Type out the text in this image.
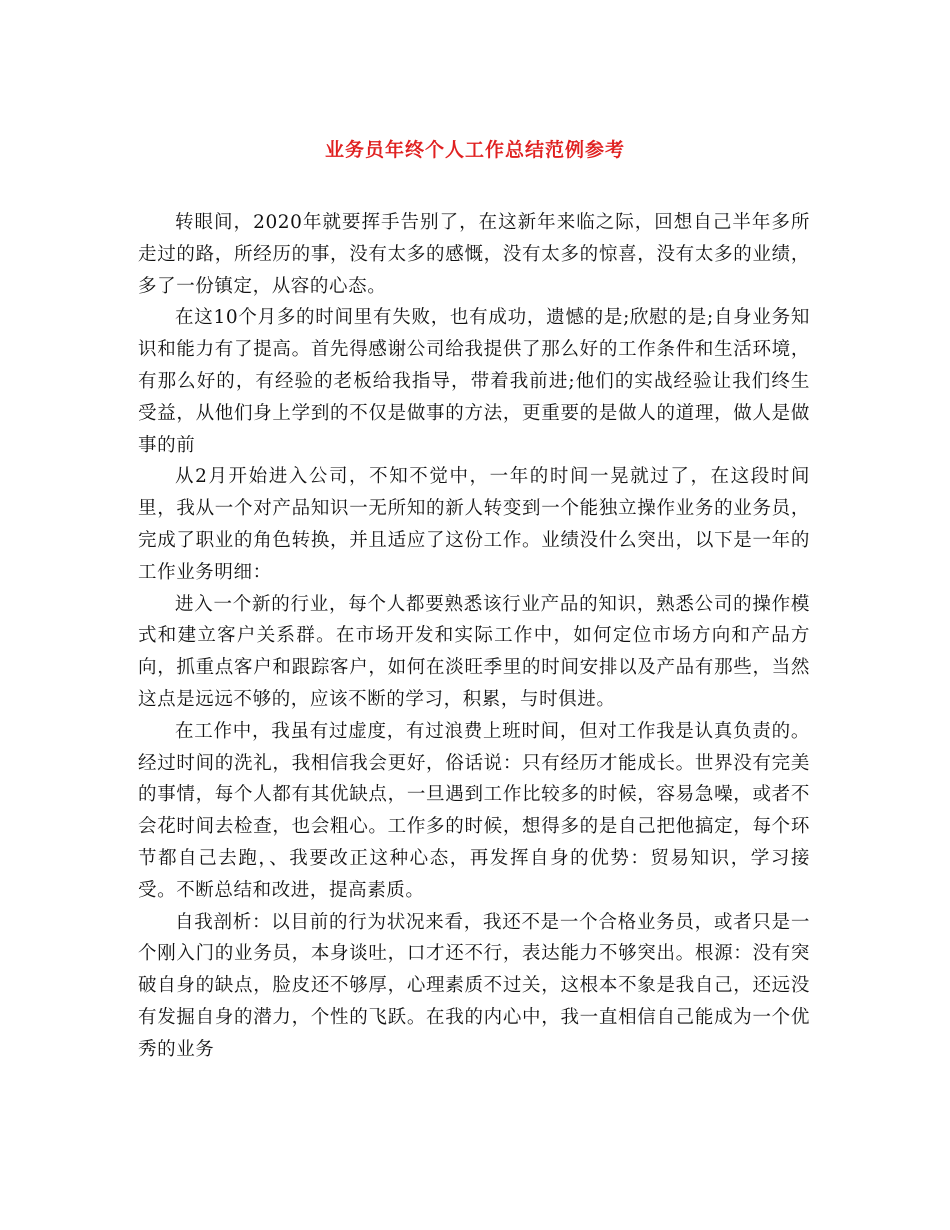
业务员年终个人工作总结范例参考

转眼间，2020年就要挥手告别了，在这新年来临之际，回想自己半年多所走过的路，所经历的事，没有太多的感慨，没有太多的惊喜，没有太多的业绩，多了一份镇定，从容的心态。

在这10个月多的时间里有失败，也有成功，遗憾的是;欣慰的是;自身业务知识和能力有了提高。首先得感谢公司给我提供了那么好的工作条件和生活环境，有那么好的，有经验的老板给我指导，带着我前进;他们的实战经验让我们终生受益，从他们身上学到的不仅是做事的方法，更重要的是做人的道理，做人是做事的前

从2月开始进入公司，不知不觉中，一年的时间一晃就过了，在这段时间里，我从一个对产品知识一无所知的新人转变到一个能独立操作业务的业务员，完成了职业的角色转换，并且适应了这份工作。业绩没什么突出，以下是一年的工作业务明细：

进入一个新的行业，每个人都要熟悉该行业产品的知识，熟悉公司的操作模式和建立客户关系群。在市场开发和实际工作中，如何定位市场方向和产品方向，抓重点客户和跟踪客户，如何在淡旺季里的时间安排以及产品有那些，当然这点是远远不够的，应该不断的学习，积累，与时俱进。

在工作中，我虽有过虚度，有过浪费上班时间，但对工作我是认真负责的。经过时间的洗礼，我相信我会更好，俗话说：只有经历才能成长。世界没有完美的事情，每个人都有其优缺点，一旦遇到工作比较多的时候，容易急噪，或者不会花时间去检查，也会粗心。工作多的时候，想得多的是自己把他搞定，每个环节都自己去跑，、我要改正这种心态，再发挥自身的优势：贸易知识，学习接受。不断总结和改进，提高素质。

自我剖析：以目前的行为状况来看，我还不是一个合格业务员，或者只是一个刚入门的业务员，本身谈吐，口才还不行，表达能力不够突出。根源：没有突破自身的缺点，脸皮还不够厚，心理素质不过关，这根本不象是我自己，还远没有发掘自身的潜力，个性的飞跃。在我的内心中，我一直相信自己能成为一个优秀的业务
